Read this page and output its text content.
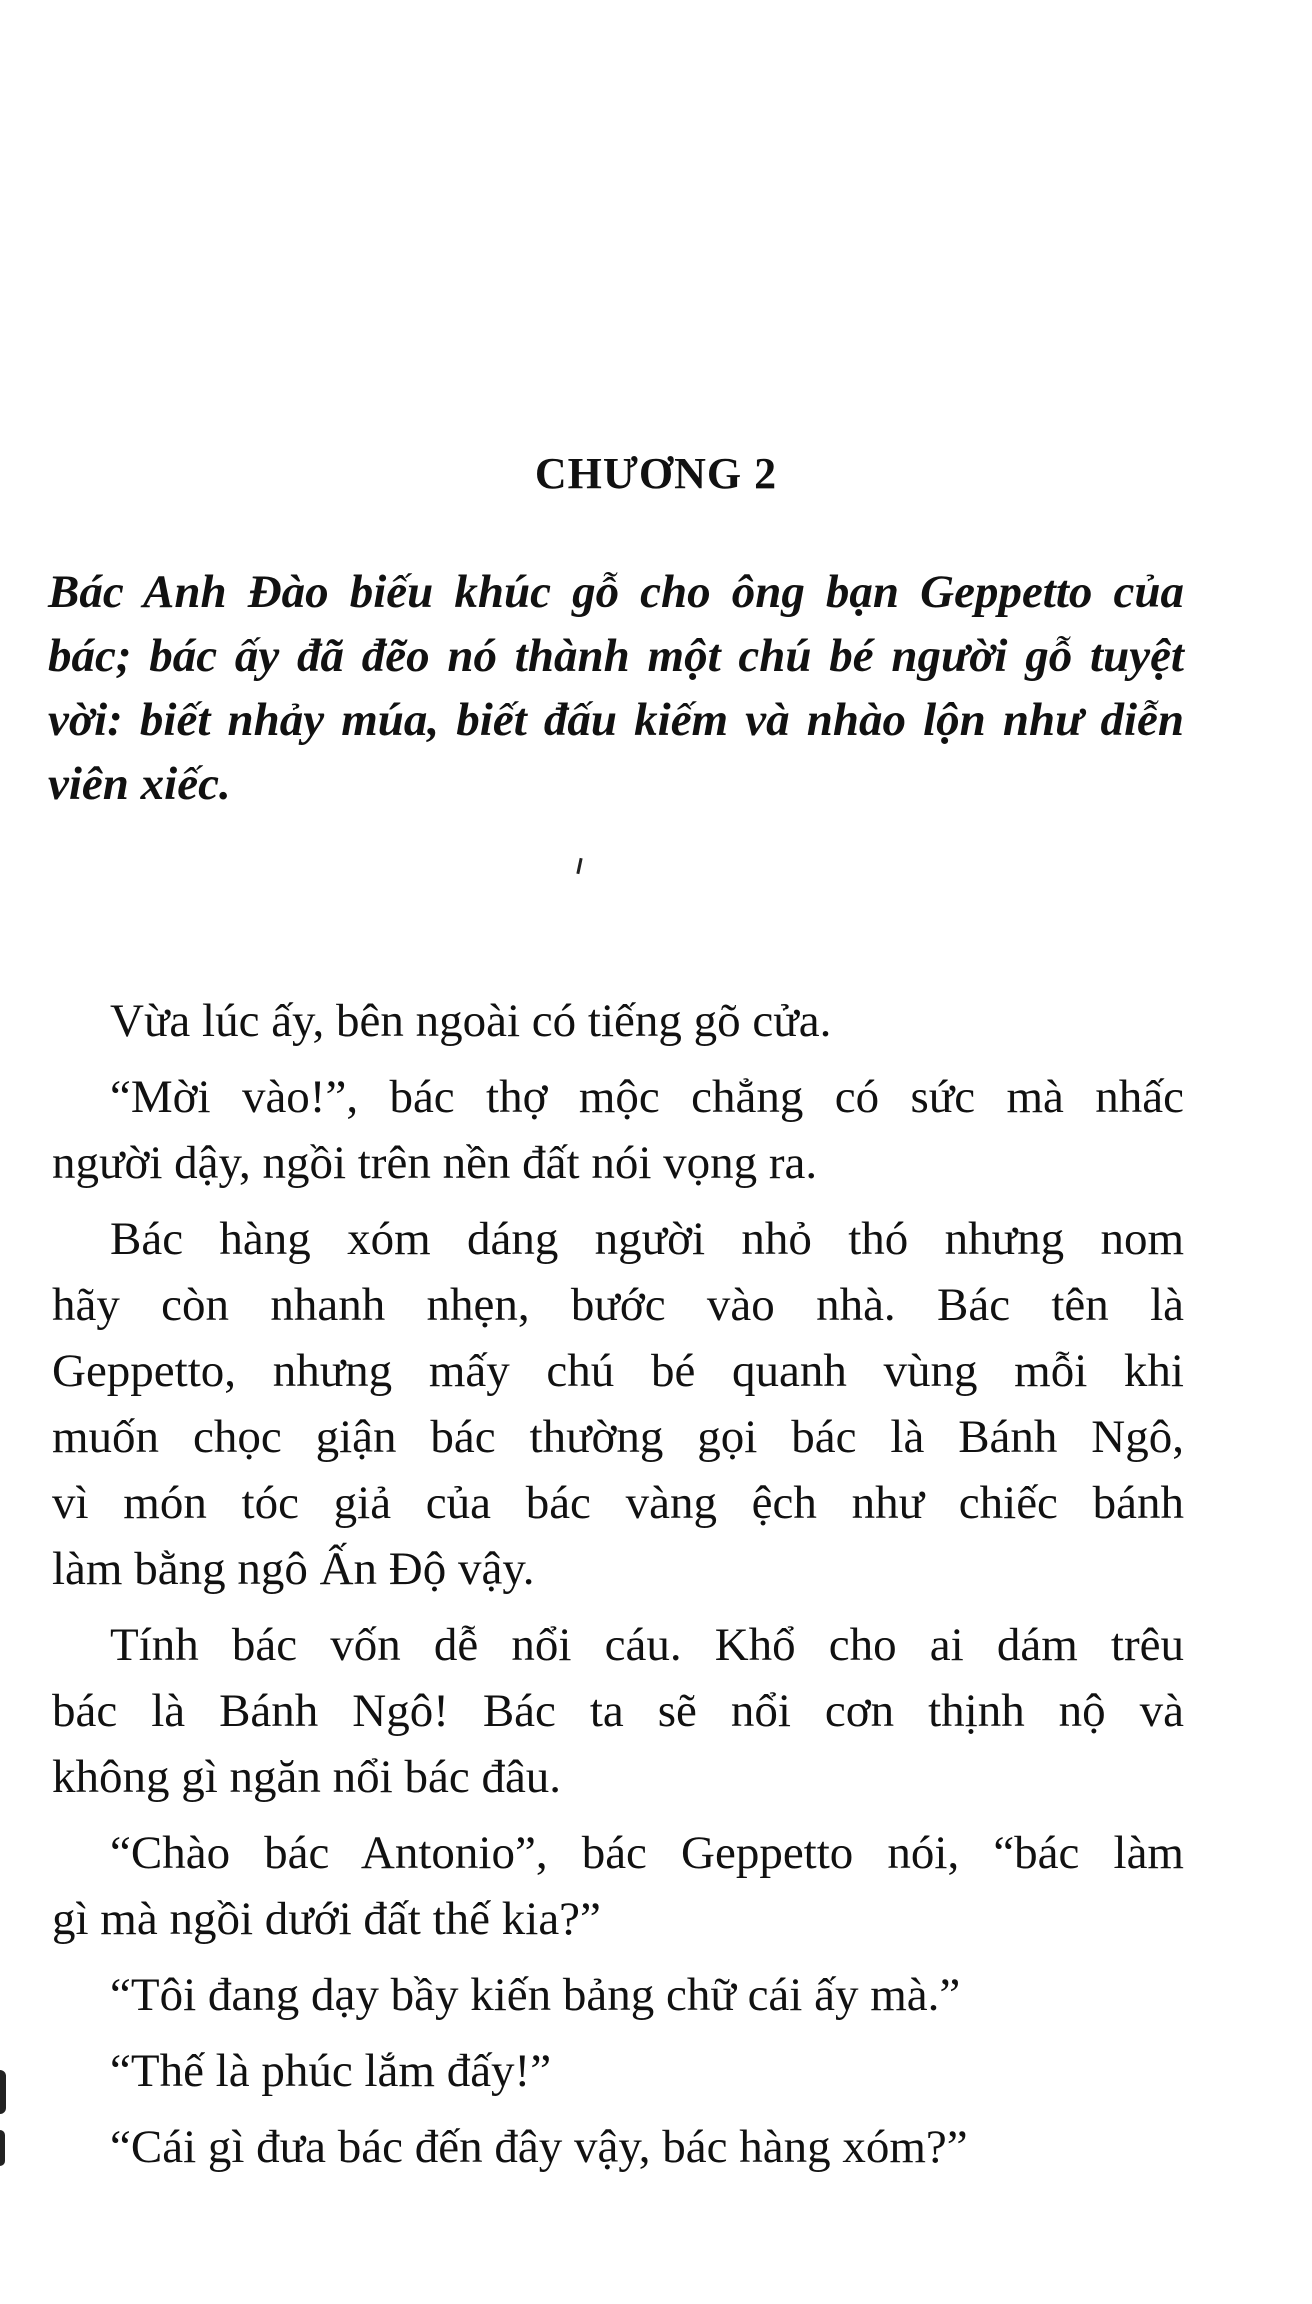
CHƯƠNG 2

Bác Anh Đào biếu khúc gỗ cho ông bạn Geppetto của
bác; bác ấy đã đẽo nó thành một chú bé người gỗ tuyệt
vời: biết nhảy múa, biết đấu kiếm và nhào lộn như diễn
viên xiếc.

Vừa lúc ấy, bên ngoài có tiếng gõ cửa.

“Mời vào!”, bác thợ mộc chẳng có sức mà nhấc
người dậy, ngồi trên nền đất nói vọng ra.

Bác hàng xóm dáng người nhỏ thó nhưng nom
hãy còn nhanh nhẹn, bước vào nhà. Bác tên là
Geppetto, nhưng mấy chú bé quanh vùng mỗi khi
muốn chọc giận bác thường gọi bác là Bánh Ngô,
vì món tóc giả của bác vàng ệch như chiếc bánh
làm bằng ngô Ấn Độ vậy.

Tính bác vốn dễ nổi cáu. Khổ cho ai dám trêu
bác là Bánh Ngô! Bác ta sẽ nổi cơn thịnh nộ và
không gì ngăn nổi bác đâu.

“Chào bác Antonio”, bác Geppetto nói, “bác làm
gì mà ngồi dưới đất thế kia?”

“Tôi đang dạy bầy kiến bảng chữ cái ấy mà.”

“Thế là phúc lắm đấy!”

“Cái gì đưa bác đến đây vậy, bác hàng xóm?”
